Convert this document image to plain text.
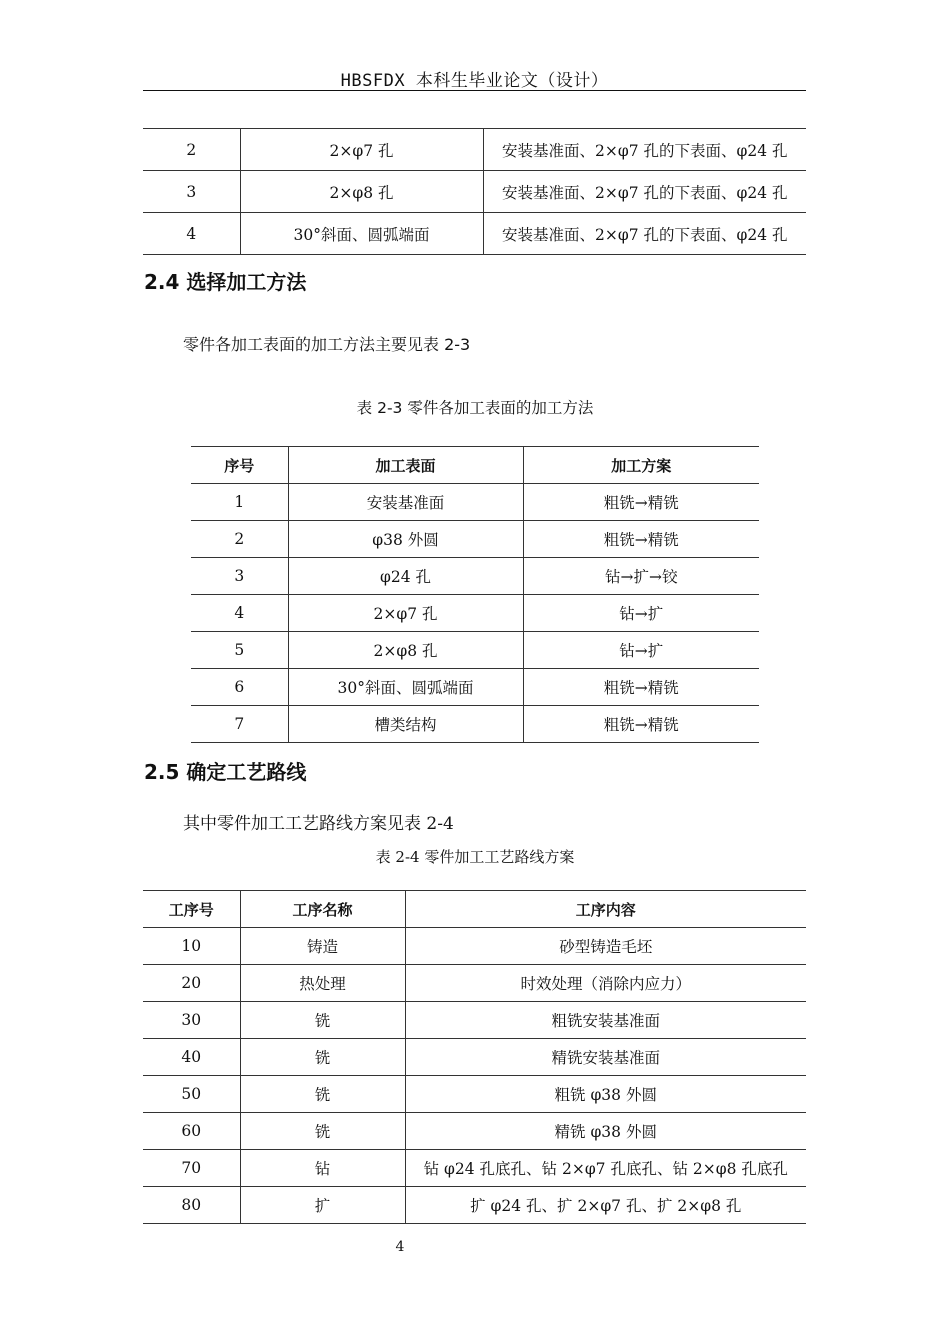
HBSFDX 本科生毕业论文（设计）
2	2×φ7 孔	安装基准面、2×φ7 孔的下表面、φ24 孔
3	2×φ8 孔	安装基准面、2×φ7 孔的下表面、φ24 孔
4	30°斜面、圆弧端面	安装基准面、2×φ7 孔的下表面、φ24 孔
2.4 选择加工方法
零件各加工表面的加工方法主要见表 2-3
表 2-3 零件各加工表面的加工方法
序号	加工表面	加工方案
1	安装基准面	粗铣→精铣
2	φ38 外圆	粗铣→精铣
3	φ24 孔	钻→扩→铰
4	2×φ7 孔	钻→扩
5	2×φ8 孔	钻→扩
6	30°斜面、圆弧端面	粗铣→精铣
7	槽类结构	粗铣→精铣
2.5 确定工艺路线
其中零件加工工艺路线方案见表 2-4
表 2-4 零件加工工艺路线方案
工序号	工序名称	工序内容
10	铸造	砂型铸造毛坯
20	热处理	时效处理（消除内应力）
30	铣	粗铣安装基准面
40	铣	精铣安装基准面
50	铣	粗铣 φ38 外圆
60	铣	精铣 φ38 外圆
70	钻	钻 φ24 孔底孔、钻 2×φ7 孔底孔、钻 2×φ8 孔底孔
80	扩	扩 φ24 孔、扩 2×φ7 孔、扩 2×φ8 孔
4
